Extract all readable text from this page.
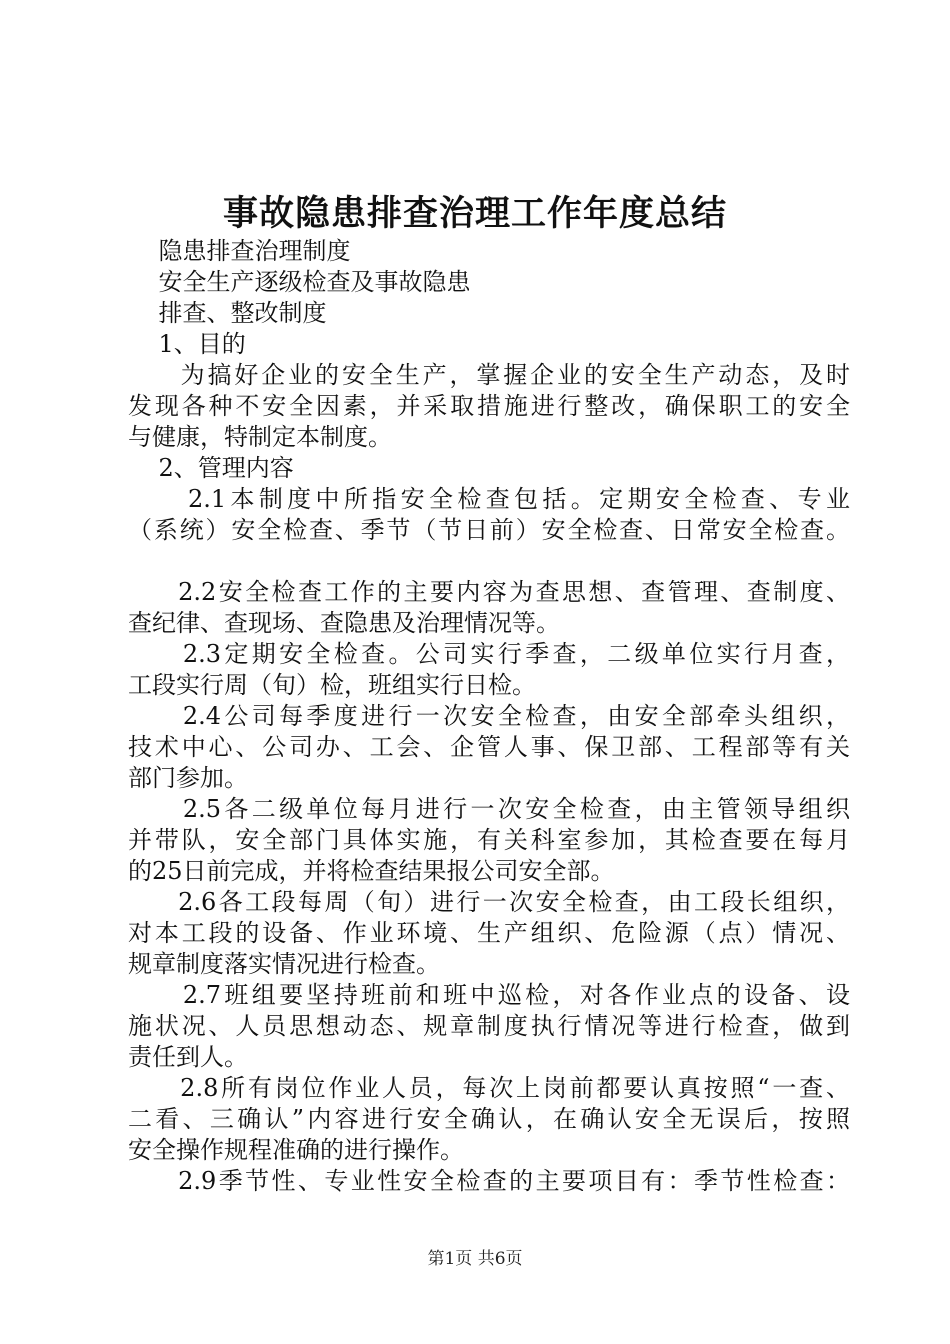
事故隐患排查治理工作年度总结
隐患排查治理制度
安全生产逐级检查及事故隐患
排查、整改制度
1、目的
为搞好企业的安全生产，掌握企业的安全生产动态，及时
发现各种不安全因素，并采取措施进行整改，确保职工的安全
与健康，特制定本制度。
2、管理内容
2.1本制度中所指安全检查包括。定期安全检查、专业
（系统）安全检查、季节（节日前）安全检查、日常安全检查。
2.2安全检查工作的主要内容为查思想、查管理、查制度、
查纪律、查现场、查隐患及治理情况等。
2.3定期安全检查。公司实行季查，二级单位实行月查，
工段实行周（旬）检，班组实行日检。
2.4公司每季度进行一次安全检查，由安全部牵头组织，
技术中心、公司办、工会、企管人事、保卫部、工程部等有关
部门参加。
2.5各二级单位每月进行一次安全检查，由主管领导组织
并带队，安全部门具体实施，有关科室参加，其检查要在每月
的25日前完成，并将检查结果报公司安全部。
2.6各工段每周（旬）进行一次安全检查，由工段长组织，
对本工段的设备、作业环境、生产组织、危险源（点）情况、
规章制度落实情况进行检查。
2.7班组要坚持班前和班中巡检，对各作业点的设备、设
施状况、人员思想动态、规章制度执行情况等进行检查，做到
责任到人。
2.8所有岗位作业人员，每次上岗前都要认真按照“一查、
二看、三确认”内容进行安全确认，在确认安全无误后，按照
安全操作规程准确的进行操作。
2.9季节性、专业性安全检查的主要项目有：季节性检查：
第1页 共6页
